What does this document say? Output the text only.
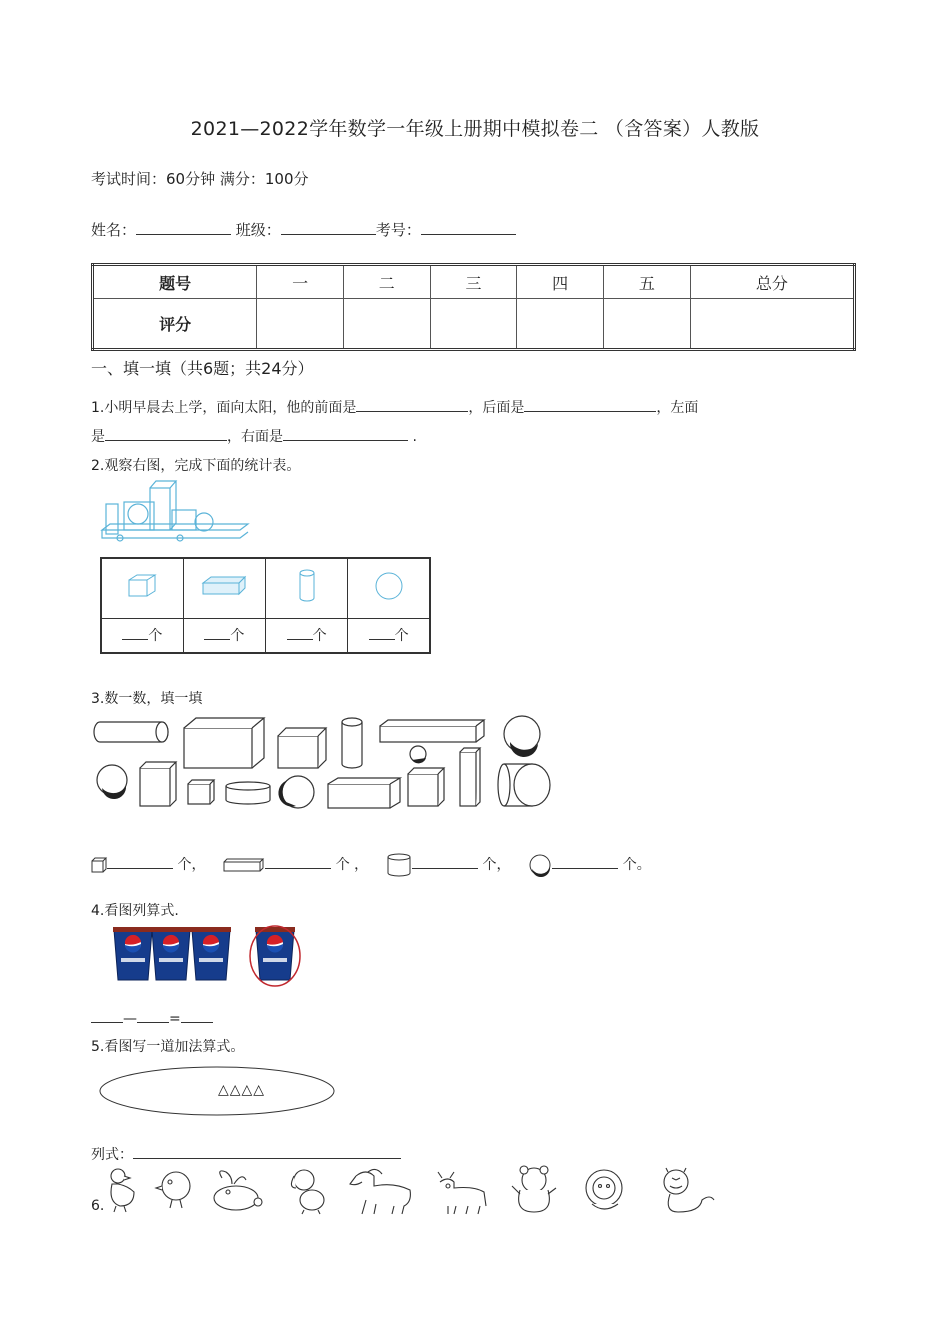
2021—2022学年数学一年级上册期中模拟卷二 （含答案）人教版
考试时间：60分钟 满分：100分
姓名：	班级：	考号：
题号	一	二	三	四	五	总分
评分						
一、填一填（共6题；共24分）
1.小明早晨去上学，面向太阳，他的前面是	，后面是	，左面
是	，右面是	.
2.观察右图，完成下面的统计表。

个	个	个	个
3.数一数，填一填
个，	个 ，	个，	个。
4.看图列算式.
— =
5.看图写一道加法算式。
△△△△
列式：
6.
